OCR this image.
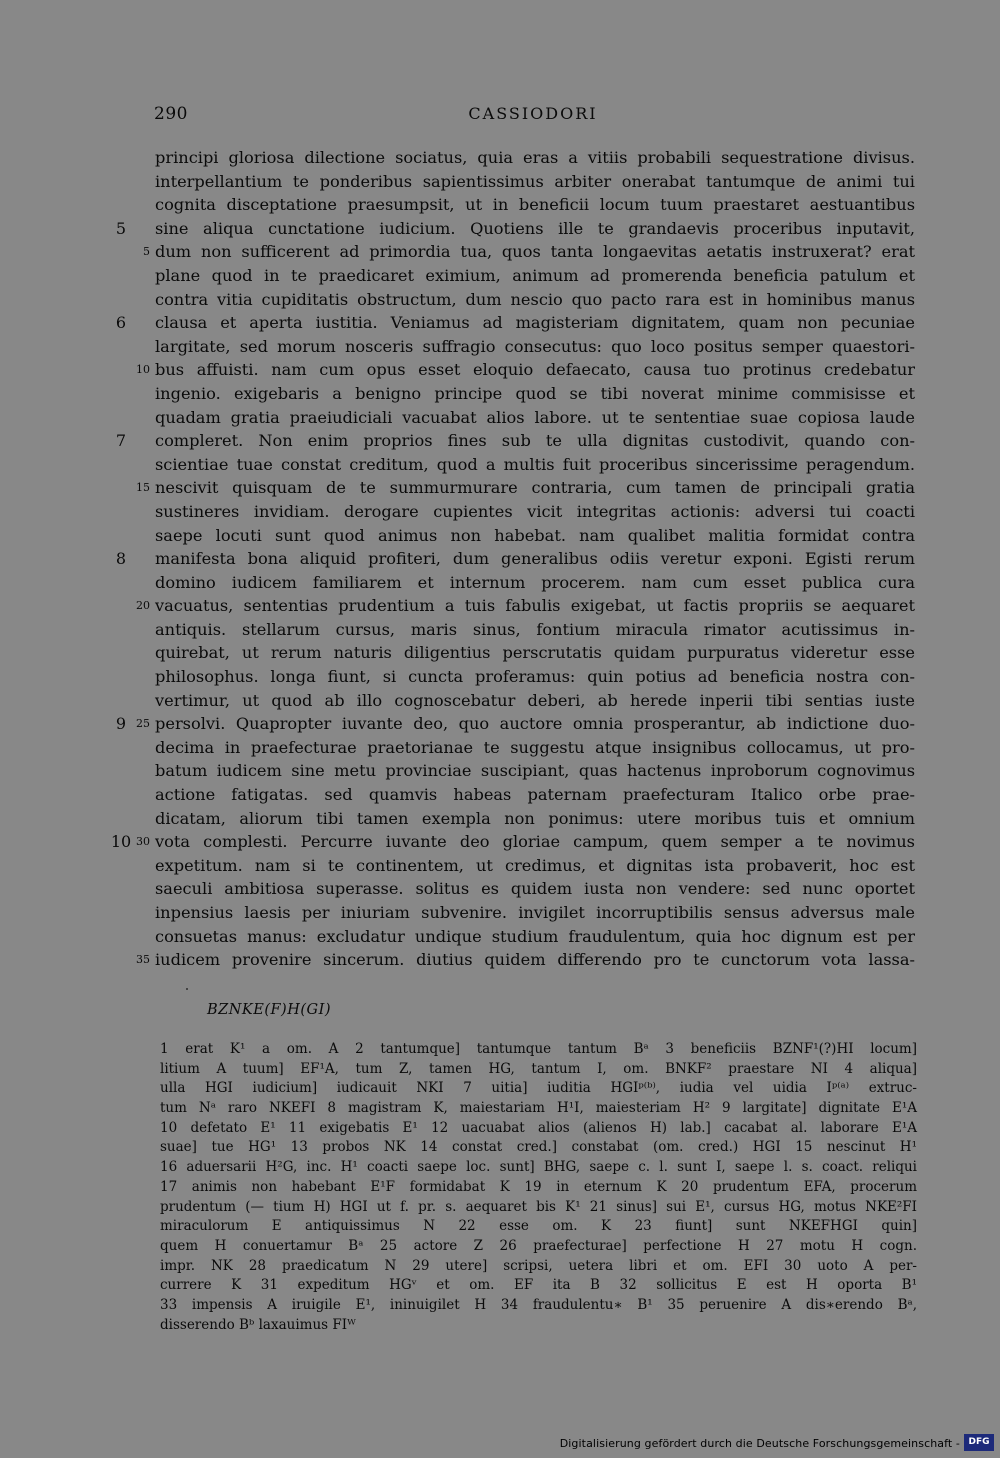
290	CASSIODORI
principi gloriosa dilectione sociatus, quia eras a vitiis probabili sequestratione divisus.
interpellantium te ponderibus sapientissimus arbiter onerabat tantumque de animi tui
cognita disceptatione praesumpsit, ut in beneficii locum tuum praestaret aestuantibus
5	sine aliqua cunctatione iudicium. Quotiens ille te grandaevis proceribus inputavit,
5 dum non sufficerent ad primordia tua, quos tanta longaevitas aetatis instruxerat? erat
plane quod in te praedicaret eximium, animum ad promerenda beneficia patulum et
contra vitia cupiditatis obstructum, dum nescio quo pacto rara est in hominibus manus
6	clausa et aperta iustitia. Veniamus ad magisteriam dignitatem, quam non pecuniae
largitate, sed morum nosceris suffragio consecutus: quo loco positus semper quaestori-
10 bus affuisti. nam cum opus esset eloquio defaecato, causa tuo protinus credebatur
ingenio. exigebaris a benigno principe quod se tibi noverat minime commisisse et
quadam gratia praeiudiciali vacuabat alios labore. ut te sententiae suae copiosa laude
7	compleret. Non enim proprios fines sub te ulla dignitas custodivit, quando con-
scientiae tuae constat creditum, quod a multis fuit proceribus sincerissime peragendum.
15 nescivit quisquam de te summurmurare contraria, cum tamen de principali gratia
sustineres invidiam. derogare cupientes vicit integritas actionis: adversi tui coacti
saepe locuti sunt quod animus non habebat. nam qualibet malitia formidat contra
8	manifesta bona aliquid profiteri, dum generalibus odiis veretur exponi. Egisti rerum
domino iudicem familiarem et internum procerem. nam cum esset publica cura
20 vacuatus, sententias prudentium a tuis fabulis exigebat, ut factis propriis se aequaret
antiquis. stellarum cursus, maris sinus, fontium miracula rimator acutissimus in-
quirebat, ut rerum naturis diligentius perscrutatis quidam purpuratus videretur esse
philosophus. longa fiunt, si cuncta proferamus: quin potius ad beneficia nostra con-
vertimur, ut quod ab illo cognoscebatur deberi, ab herede inperii tibi sentias iuste
9 25 persolvi. Quapropter iuvante deo, quo auctore omnia prosperantur, ab indictione duo-
decima in praefecturae praetorianae te suggestu atque insignibus collocamus, ut pro-
batum iudicem sine metu provinciae suscipiant, quas hactenus inproborum cognovimus
actione fatigatas. sed quamvis habeas paternam praefecturam Italico orbe prae-
dicatam, aliorum tibi tamen exempla non ponimus: utere moribus tuis et omnium
10 30 vota complesti. Percurre iuvante deo gloriae campum, quem semper a te novimus
expetitum. nam si te continentem, ut credimus, et dignitas ista probaverit, hoc est
saeculi ambitiosa superasse. solitus es quidem iusta non vendere: sed nunc oportet
inpensius laesis per iniuriam subvenire. invigilet incorruptibilis sensus adversus male
consuetas manus: excludatur undique studium fraudulentum, quia hoc dignum est per
35 iudicem provenire sincerum. diutius quidem differendo pro te cunctorum vota lassa-
BZNKE(F)H(GI)
1 erat K¹ a om. A 2 tantumque] tantumque tantum Bᵃ 3 beneficiis BZNF¹(?)HI locum]
litium A tuum] EF¹A, tum Z, tamen HG, tantum I, om. BNKF² praestare NI 4 aliqua]
ulla HGI iudicium] iudicauit NKI 7 uitia] iuditia HGIᵖ⁽ᵇ⁾, iudia vel uidia Iᵖ⁽ᵃ⁾ extruc-
tum Nᵃ raro NKEFI 8 magistram K, maiestariam H¹I, maiesteriam H² 9 largitate] dignitate E¹A
10 defetato E¹ 11 exigebatis E¹ 12 uacuabat alios (alienos H) lab.] cacabat al. laborare E¹A
suae] tue HG¹ 13 probos NK 14 constat cred.] constabat (om. cred.) HGI 15 nescinut H¹
16 aduersarii H²G, inc. H¹ coacti saepe loc. sunt] BHG, saepe c. l. sunt I, saepe l. s. coact. reliqui
17 animis non habebant E¹F formidabat K 19 in eternum K 20 prudentum EFA, procerum
prudentum (— tium H) HGI ut f. pr. s. aequaret bis K¹ 21 sinus] sui E¹, cursus HG, motus NKE²FI
miraculorum E antiquissimus N 22 esse om. K 23 fiunt] sunt NKEFHGI quin]
quem H conuertamur Bᵃ 25 actore Z 26 praefecturae] perfectione H 27 motu H cogn.
impr. NK 28 praedicatum N 29 utere] scripsi, uetera libri et om. EFI 30 uoto A per-
currere K 31 expeditum HGᵛ et om. EF ita B 32 sollicitus E est H oporta B¹
33 impensis A iruigile E¹, ininuigilet H 34 fraudulentu∗ B¹ 35 peruenire A dis∗erendo Bᵃ,
disserendo Bᵇ laxauimus FIᵂ
Digitalisierung gefördert durch die Deutsche Forschungsgemeinschaft - DFG
